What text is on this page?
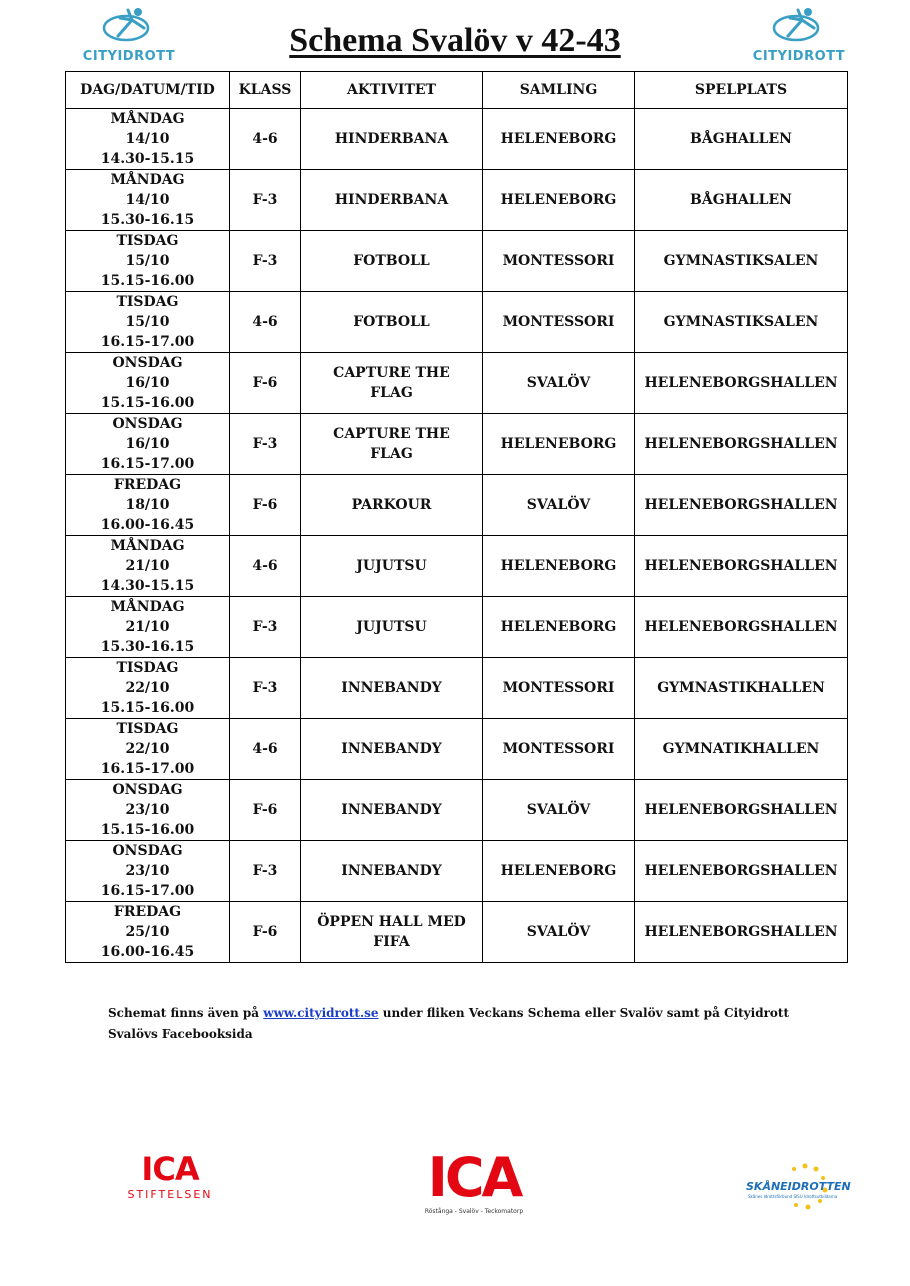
CITYIDROTT	Schema Svalöv v 42-43	CITYIDROTT
DAG/DATUM/TID	KLASS	AKTIVITET	SAMLING	SPELPLATS

MÅNDAG
14/10
14.30-15.15	4-6	HINDERBANA	HELENEBORG	BÅGHALLEN

MÅNDAG
14/10
15.30-16.15	F-3	HINDERBANA	HELENEBORG	BÅGHALLEN

TISDAG
15/10
15.15-16.00	F-3	FOTBOLL	MONTESSORI	GYMNASTIKSALEN

TISDAG
15/10
16.15-17.00	4-6	FOTBOLL	MONTESSORI	GYMNASTIKSALEN

ONSDAG
16/10
15.15-16.00	F-6	CAPTURE THE FLAG	SVALÖV	HELENEBORGSHALLEN

ONSDAG
16/10
16.15-17.00	F-3	CAPTURE THE FLAG	HELENEBORG	HELENEBORGSHALLEN

FREDAG
18/10
16.00-16.45	F-6	PARKOUR	SVALÖV	HELENEBORGSHALLEN

MÅNDAG
21/10
14.30-15.15	4-6	JUJUTSU	HELENEBORG	HELENEBORGSHALLEN

MÅNDAG
21/10
15.30-16.15	F-3	JUJUTSU	HELENEBORG	HELENEBORGSHALLEN

TISDAG
22/10
15.15-16.00	F-3	INNEBANDY	MONTESSORI	GYMNASTIKHALLEN

TISDAG
22/10
16.15-17.00	4-6	INNEBANDY	MONTESSORI	GYMNATIKHALLEN

ONSDAG
23/10
15.15-16.00	F-6	INNEBANDY	SVALÖV	HELENEBORGSHALLEN

ONSDAG
23/10
16.15-17.00	F-3	INNEBANDY	HELENEBORG	HELENEBORGSHALLEN

FREDAG
25/10
16.00-16.45	F-6	ÖPPEN HALL MED FIFA	SVALÖV	HELENEBORGSHALLEN
Schemat finns även på www.cityidrott.se under fliken Veckans Schema eller Svalöv samt på Cityidrott Svalövs Facebooksida
ICA
STIFTELSEN	ICA
Röstånga - Svalöv - Teckomatorp
SKÅNEIDROTTEN
Skånes Idrottsförbund SISU Idrottsutbildarna
